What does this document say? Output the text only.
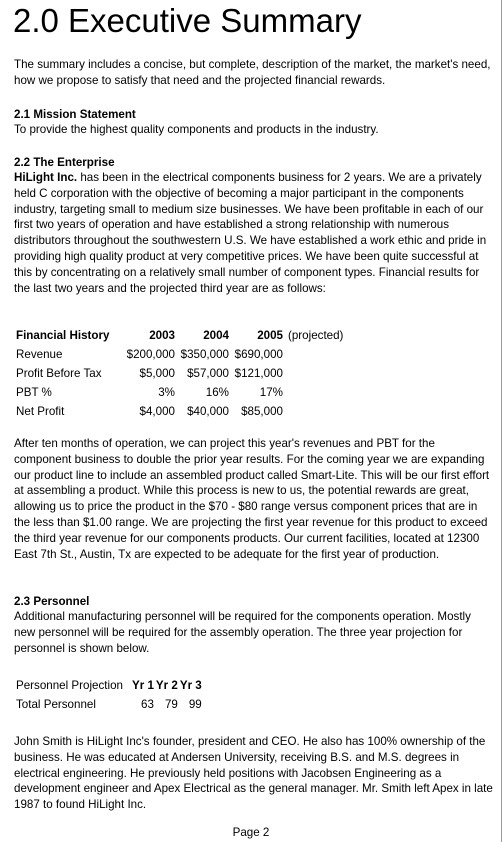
2.0 Executive Summary

The summary includes a concise, but complete, description of the market, the market's need, how we propose to satisfy that need and the projected financial rewards.

2.1 Mission Statement

To provide the highest quality components and products in the industry.

2.2 The Enterprise

HiLight Inc. has been in the electrical components business for 2 years. We are a privately held C corporation with the objective of becoming a major participant in the components industry, targeting small to medium size businesses. We have been profitable in each of our first two years of operation and have established a strong relationship with numerous distributors throughout the southwestern U.S. We have established a work ethic and pride in providing high quality product at very competitive prices. We have been quite successful at this by concentrating on a relatively small number of component types. Financial results for the last two years and the projected third year are as follows:

Financial History	2003	2004	2005	(projected)
Revenue	$200,000	$350,000	$690,000	
Profit Before Tax	$5,000	$57,000	$121,000	
PBT %	3%	16%	17%	
Net Profit	$4,000	$40,000	$85,000	

After ten months of operation, we can project this year's revenues and PBT for the component business to double the prior year results. For the coming year we are expanding our product line to include an assembled product called Smart-Lite. This will be our first effort at assembling a product. While this process is new to us, the potential rewards are great, allowing us to price the product in the $70 - $80 range versus component prices that are in the less than $1.00 range. We are projecting the first year revenue for this product to exceed the third year revenue for our components products. Our current facilities, located at 12300 East 7th St., Austin, Tx are expected to be adequate for the first year of production.

2.3 Personnel

Additional manufacturing personnel will be required for the components operation. Mostly new personnel will be required for the assembly operation. The three year projection for personnel is shown below.

Personnel Projection	Yr 1	Yr 2	Yr 3
Total Personnel	63	79	99

John Smith is HiLight Inc's founder, president and CEO. He also has 100% ownership of the business. He was educated at Andersen University, receiving B.S. and M.S. degrees in electrical engineering. He previously held positions with Jacobsen Engineering as a development engineer and Apex Electrical as the general manager. Mr. Smith left Apex in late 1987 to found HiLight Inc.

Page 2
